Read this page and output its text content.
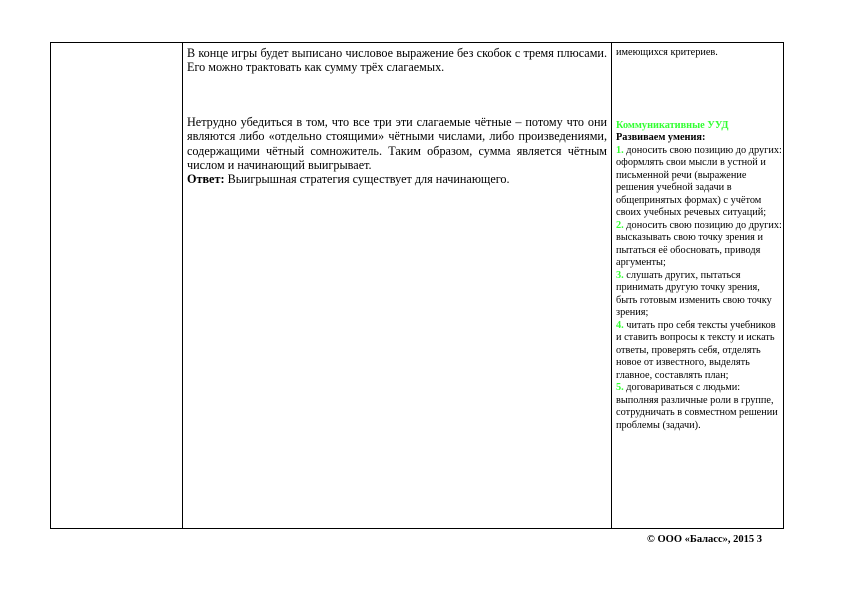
В конце игры будет выписано числовое выражение без скобок с тремя плюсами. Его можно трактовать как сумму трёх слагаемых.

Нетрудно убедиться в том, что все три эти слагаемые чётные – потому что они являются либо «отдельно стоящими» чётными числами, либо произведениями, содержащими чётный сомножитель. Таким образом, сумма является чётным числом и начинающий выигрывает.

Ответ: Выигрышная стратегия существует для начинающего.

имеющихся критериев.

Коммуникативные УУД

Развиваем умения:

1. доносить свою позицию до других: оформлять свои мысли в устной и письменной речи (выражение решения учебной задачи в общепринятых формах) с учётом своих учебных речевых ситуаций;

2. доносить свою позицию до других: высказывать свою точку зрения и пытаться её обосновать, приводя аргументы;

3. слушать других, пытаться принимать другую точку зрения, быть готовым изменить свою точку зрения;

4. читать про себя тексты учебников и ставить вопросы к тексту и искать ответы, проверять себя, отделять новое от известного, выделять главное, составлять план;

5. договариваться с людьми: выполняя различные роли в группе, сотрудничать в совместном решении проблемы (задачи).

© ООО «Баласс», 2015 3
